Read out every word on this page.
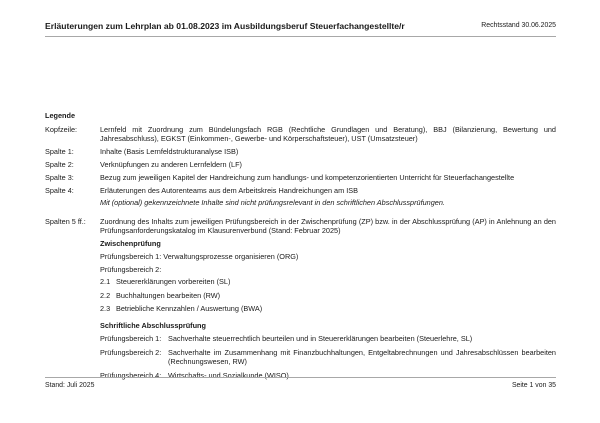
Erläuterungen zum Lehrplan ab 01.08.2023 im Ausbildungsberuf Steuerfachangestellte/r	Rechtsstand 30.06.2025
Legende
Kopfzeile:	Lernfeld mit Zuordnung zum Bündelungsfach RGB (Rechtliche Grundlagen und Beratung), BBJ (Bilanzierung, Bewertung und Jahresabschluss), EGKST (Einkommen-, Gewerbe- und Körperschaftsteuer), UST (Umsatzsteuer)
Spalte 1:	Inhalte (Basis Lernfeldstrukturanalyse ISB)
Spalte 2:	Verknüpfungen zu anderen Lernfeldern (LF)
Spalte 3:	Bezug zum jeweiligen Kapitel der Handreichung zum handlungs- und kompetenzorientierten Unterricht für Steuerfachangestellte
Spalte 4:	Erläuterungen des Autorenteams aus dem Arbeitskreis Handreichungen am ISB
Mit (optional) gekennzeichnete Inhalte sind nicht prüfungsrelevant in den schriftlichen Abschlussprüfungen.
Spalten 5 ff.:	Zuordnung des Inhalts zum jeweiligen Prüfungsbereich in der Zwischenprüfung (ZP) bzw. in der Abschlussprüfung (AP) in Anlehnung an den Prüfungsanforderungskatalog im Klausurenverbund (Stand: Februar 2025)
Zwischenprüfung
Prüfungsbereich 1: Verwaltungsprozesse organisieren (ORG)
Prüfungsbereich 2:
2.1 Steuererklärungen vorbereiten (SL)
2.2 Buchhaltungen bearbeiten (RW)
2.3 Betriebliche Kennzahlen / Auswertung (BWA)
Schriftliche Abschlussprüfung
Prüfungsbereich 1: Sachverhalte steuerrechtlich beurteilen und in Steuererklärungen bearbeiten (Steuerlehre, SL)
Prüfungsbereich 2: Sachverhalte im Zusammenhang mit Finanzbuchhaltungen, Entgeltabrechnungen und Jahresabschlüssen bearbeiten (Rechnungswesen, RW)
Prüfungsbereich 4: Wirtschafts- und Sozialkunde (WISO)
Stand: Juli 2025	Seite 1 von 35
